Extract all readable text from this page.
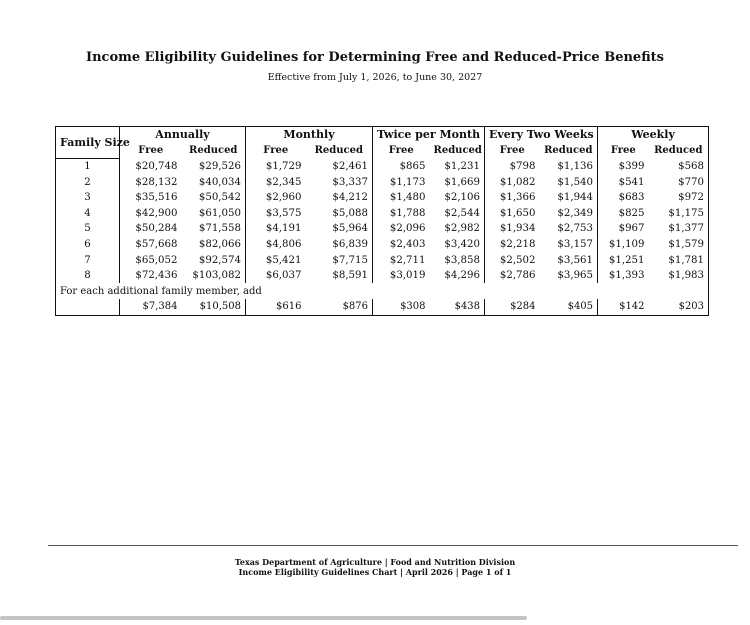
Income Eligibility Guidelines for Determining Free and Reduced-Price Benefits
Effective from July 1, 2026, to June 30, 2027
Family Size	Annually		Monthly		Twice per Month		Every Two Weeks		Weekly	
	Free	Reduced	Free	Reduced	Free	Reduced	Free	Reduced	Free	Reduced
1	$20,748	$29,526	$1,729	$2,461	$865	$1,231	$798	$1,136	$399	$568
2	$28,132	$40,034	$2,345	$3,337	$1,173	$1,669	$1,082	$1,540	$541	$770
3	$35,516	$50,542	$2,960	$4,212	$1,480	$2,106	$1,366	$1,944	$683	$972
4	$42,900	$61,050	$3,575	$5,088	$1,788	$2,544	$1,650	$2,349	$825	$1,175
5	$50,284	$71,558	$4,191	$5,964	$2,096	$2,982	$1,934	$2,753	$967	$1,377
6	$57,668	$82,066	$4,806	$6,839	$2,403	$3,420	$2,218	$3,157	$1,109	$1,579
7	$65,052	$92,574	$5,421	$7,715	$2,711	$3,858	$2,502	$3,561	$1,251	$1,781
8	$72,436	$103,082	$6,037	$8,591	$3,019	$4,296	$2,786	$3,965	$1,393	$1,983
For each additional family member, add										
	$7,384	$10,508	$616	$876	$308	$438	$284	$405	$142	$203
Texas Department of Agriculture | Food and Nutrition Division
Income Eligibility Guidelines Chart | April 2026 | Page 1 of 1
